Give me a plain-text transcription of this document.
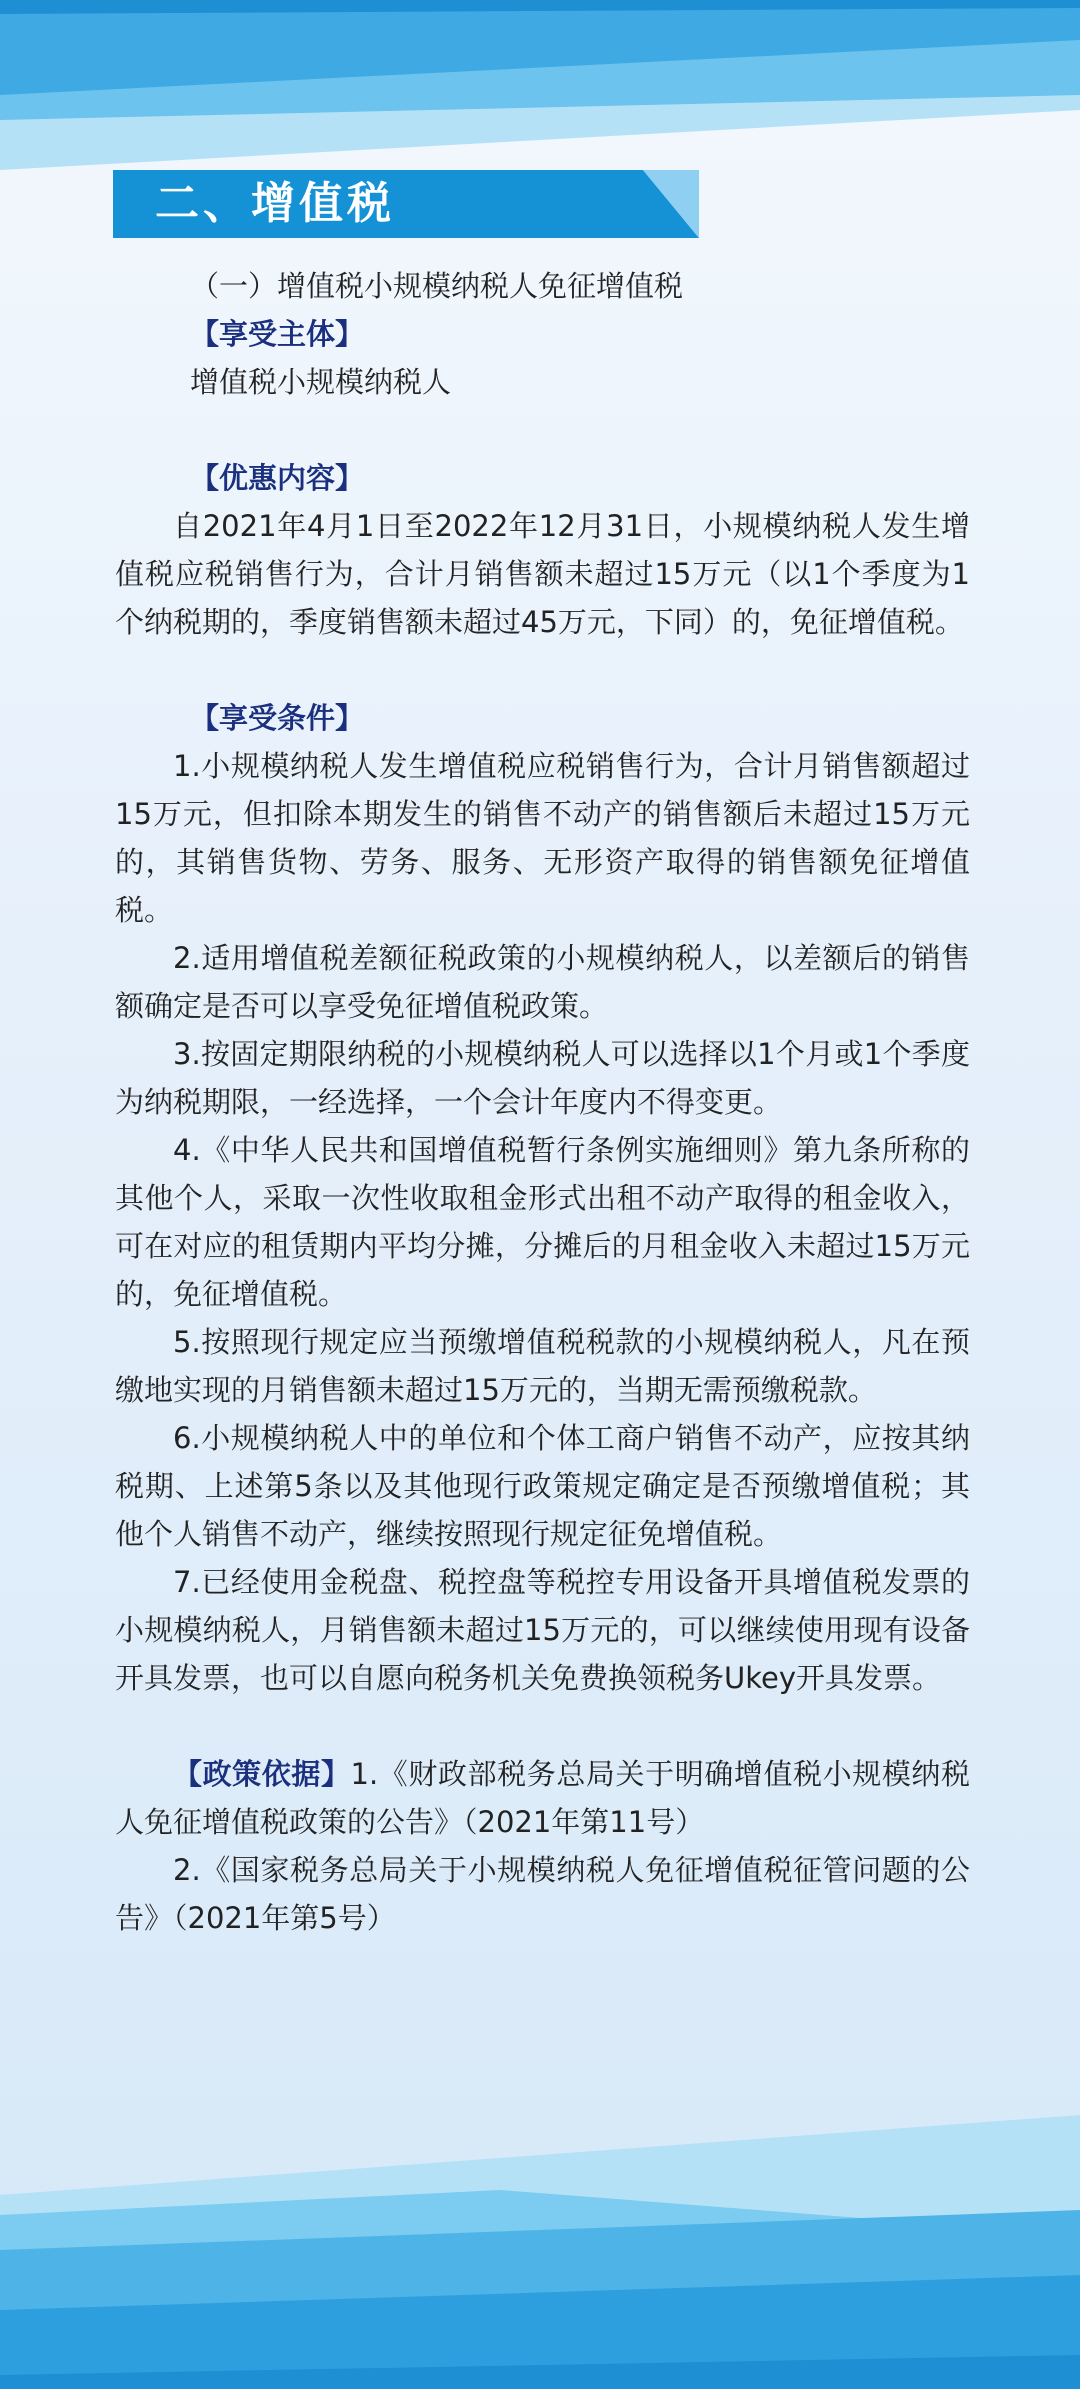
二、增值税

（一）增值税小规模纳税人免征增值税

【享受主体】

增值税小规模纳税人

【优惠内容】

自2021年4月1日至2022年12月31日，小规模纳税人发生增值税应税销售行为，合计月销售额未超过15万元（以1个季度为1个纳税期的，季度销售额未超过45万元，下同）的，免征增值税。

【享受条件】

1.小规模纳税人发生增值税应税销售行为，合计月销售额超过15万元，但扣除本期发生的销售不动产的销售额后未超过15万元的，其销售货物、劳务、服务、无形资产取得的销售额免征增值税。

2.适用增值税差额征税政策的小规模纳税人，以差额后的销售额确定是否可以享受免征增值税政策。

3.按固定期限纳税的小规模纳税人可以选择以1个月或1个季度为纳税期限，一经选择，一个会计年度内不得变更。

4.《中华人民共和国增值税暂行条例实施细则》第九条所称的其他个人，采取一次性收取租金形式出租不动产取得的租金收入，可在对应的租赁期内平均分摊，分摊后的月租金收入未超过15万元的，免征增值税。

5.按照现行规定应当预缴增值税税款的小规模纳税人，凡在预缴地实现的月销售额未超过15万元的，当期无需预缴税款。

6.小规模纳税人中的单位和个体工商户销售不动产，应按其纳税期、上述第5条以及其他现行政策规定确定是否预缴增值税；其他个人销售不动产，继续按照现行规定征免增值税。

7.已经使用金税盘、税控盘等税控专用设备开具增值税发票的小规模纳税人，月销售额未超过15万元的，可以继续使用现有设备开具发票，也可以自愿向税务机关免费换领税务Ukey开具发票。

【政策依据】1.《财政部税务总局关于明确增值税小规模纳税人免征增值税政策的公告》（2021年第11号）

2.《国家税务总局关于小规模纳税人免征增值税征管问题的公告》（2021年第5号）
